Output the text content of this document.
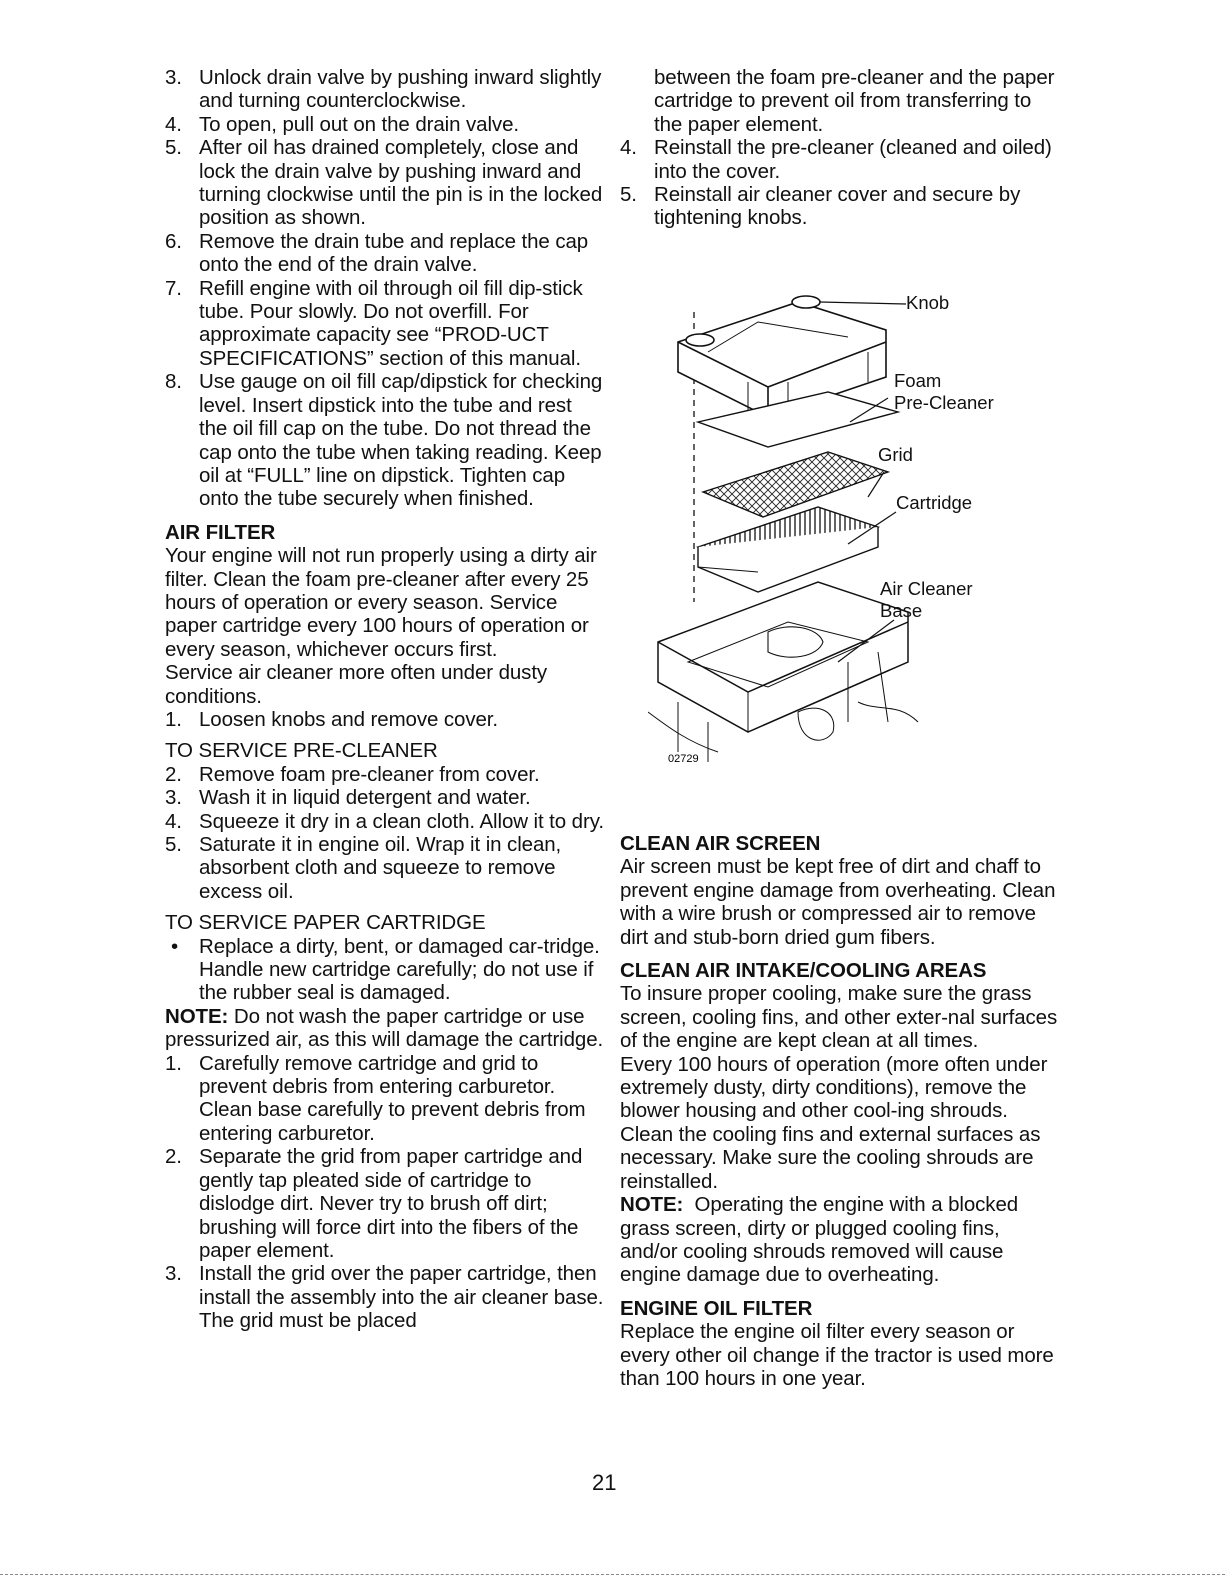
3. Unlock drain valve by pushing inward slightly and turning counterclockwise.
4. To open, pull out on the drain valve.
5. After oil has drained completely, close and lock the drain valve by pushing inward and turning clockwise until the pin is in the locked position as shown.
6. Remove the drain tube and replace the cap onto the end of the drain valve.
7. Refill engine with oil through oil fill dip-stick tube. Pour slowly. Do not overfill. For approximate capacity see “PROD-UCT SPECIFICATIONS” section of this manual.
8. Use gauge on oil fill cap/dipstick for checking level. Insert dipstick into the tube and rest the oil fill cap on the tube. Do not thread the cap onto the tube when taking reading. Keep oil at “FULL” line on dipstick. Tighten cap onto the tube securely when finished.
AIR FILTER

Your engine will not run properly using a dirty air filter. Clean the foam pre-cleaner after every 25 hours of operation or every season. Service paper cartridge every 100 hours of operation or every season, whichever occurs first.

Service air cleaner more often under dusty conditions.

1. Loosen knobs and remove cover.
TO SERVICE PRE-CLEANER
2. Remove foam pre-cleaner from cover.
3. Wash it in liquid detergent and water.
4. Squeeze it dry in a clean cloth. Allow it to dry.
5. Saturate it in engine oil. Wrap it in clean, absorbent cloth and squeeze to remove excess oil.
TO SERVICE PAPER CARTRIDGE
• Replace a dirty, bent, or damaged car-tridge. Handle new cartridge carefully; do not use if the rubber seal is damaged.

NOTE: Do not wash the paper cartridge or use pressurized air, as this will damage the cartridge.

1. Carefully remove cartridge and grid to prevent debris from entering carburetor. Clean base carefully to prevent debris from entering carburetor.
2. Separate the grid from paper cartridge and gently tap pleated side of cartridge to dislodge dirt. Never try to brush off dirt; brushing will force dirt into the fibers of the paper element.
3. Install the grid over the paper cartridge, then install the assembly into the air cleaner base. The grid must be placed

between the foam pre-cleaner and the paper cartridge to prevent oil from transferring to the paper element.

4. Reinstall the pre-cleaner (cleaned and oiled) into the cover.
5. Reinstall air cleaner cover and secure by tightening knobs.
02729
Knob
Foam
Pre-Cleaner
Grid
Cartridge
Air Cleaner
Base
CLEAN AIR SCREEN

Air screen must be kept free of dirt and chaff to prevent engine damage from overheating. Clean with a wire brush or compressed air to remove dirt and stub-born dried gum fibers.

CLEAN AIR INTAKE/COOLING AREAS

To insure proper cooling, make sure the grass screen, cooling fins, and other exter-nal surfaces of the engine are kept clean at all times.

Every 100 hours of operation (more often under extremely dusty, dirty conditions), remove the blower housing and other cool-ing shrouds. Clean the cooling fins and external surfaces as necessary. Make sure the cooling shrouds are reinstalled.

NOTE: Operating the engine with a blocked grass screen, dirty or plugged cooling fins, and/or cooling shrouds removed will cause engine damage due to overheating.

ENGINE OIL FILTER

Replace the engine oil filter every season or every other oil change if the tractor is used more than 100 hours in one year.

21
